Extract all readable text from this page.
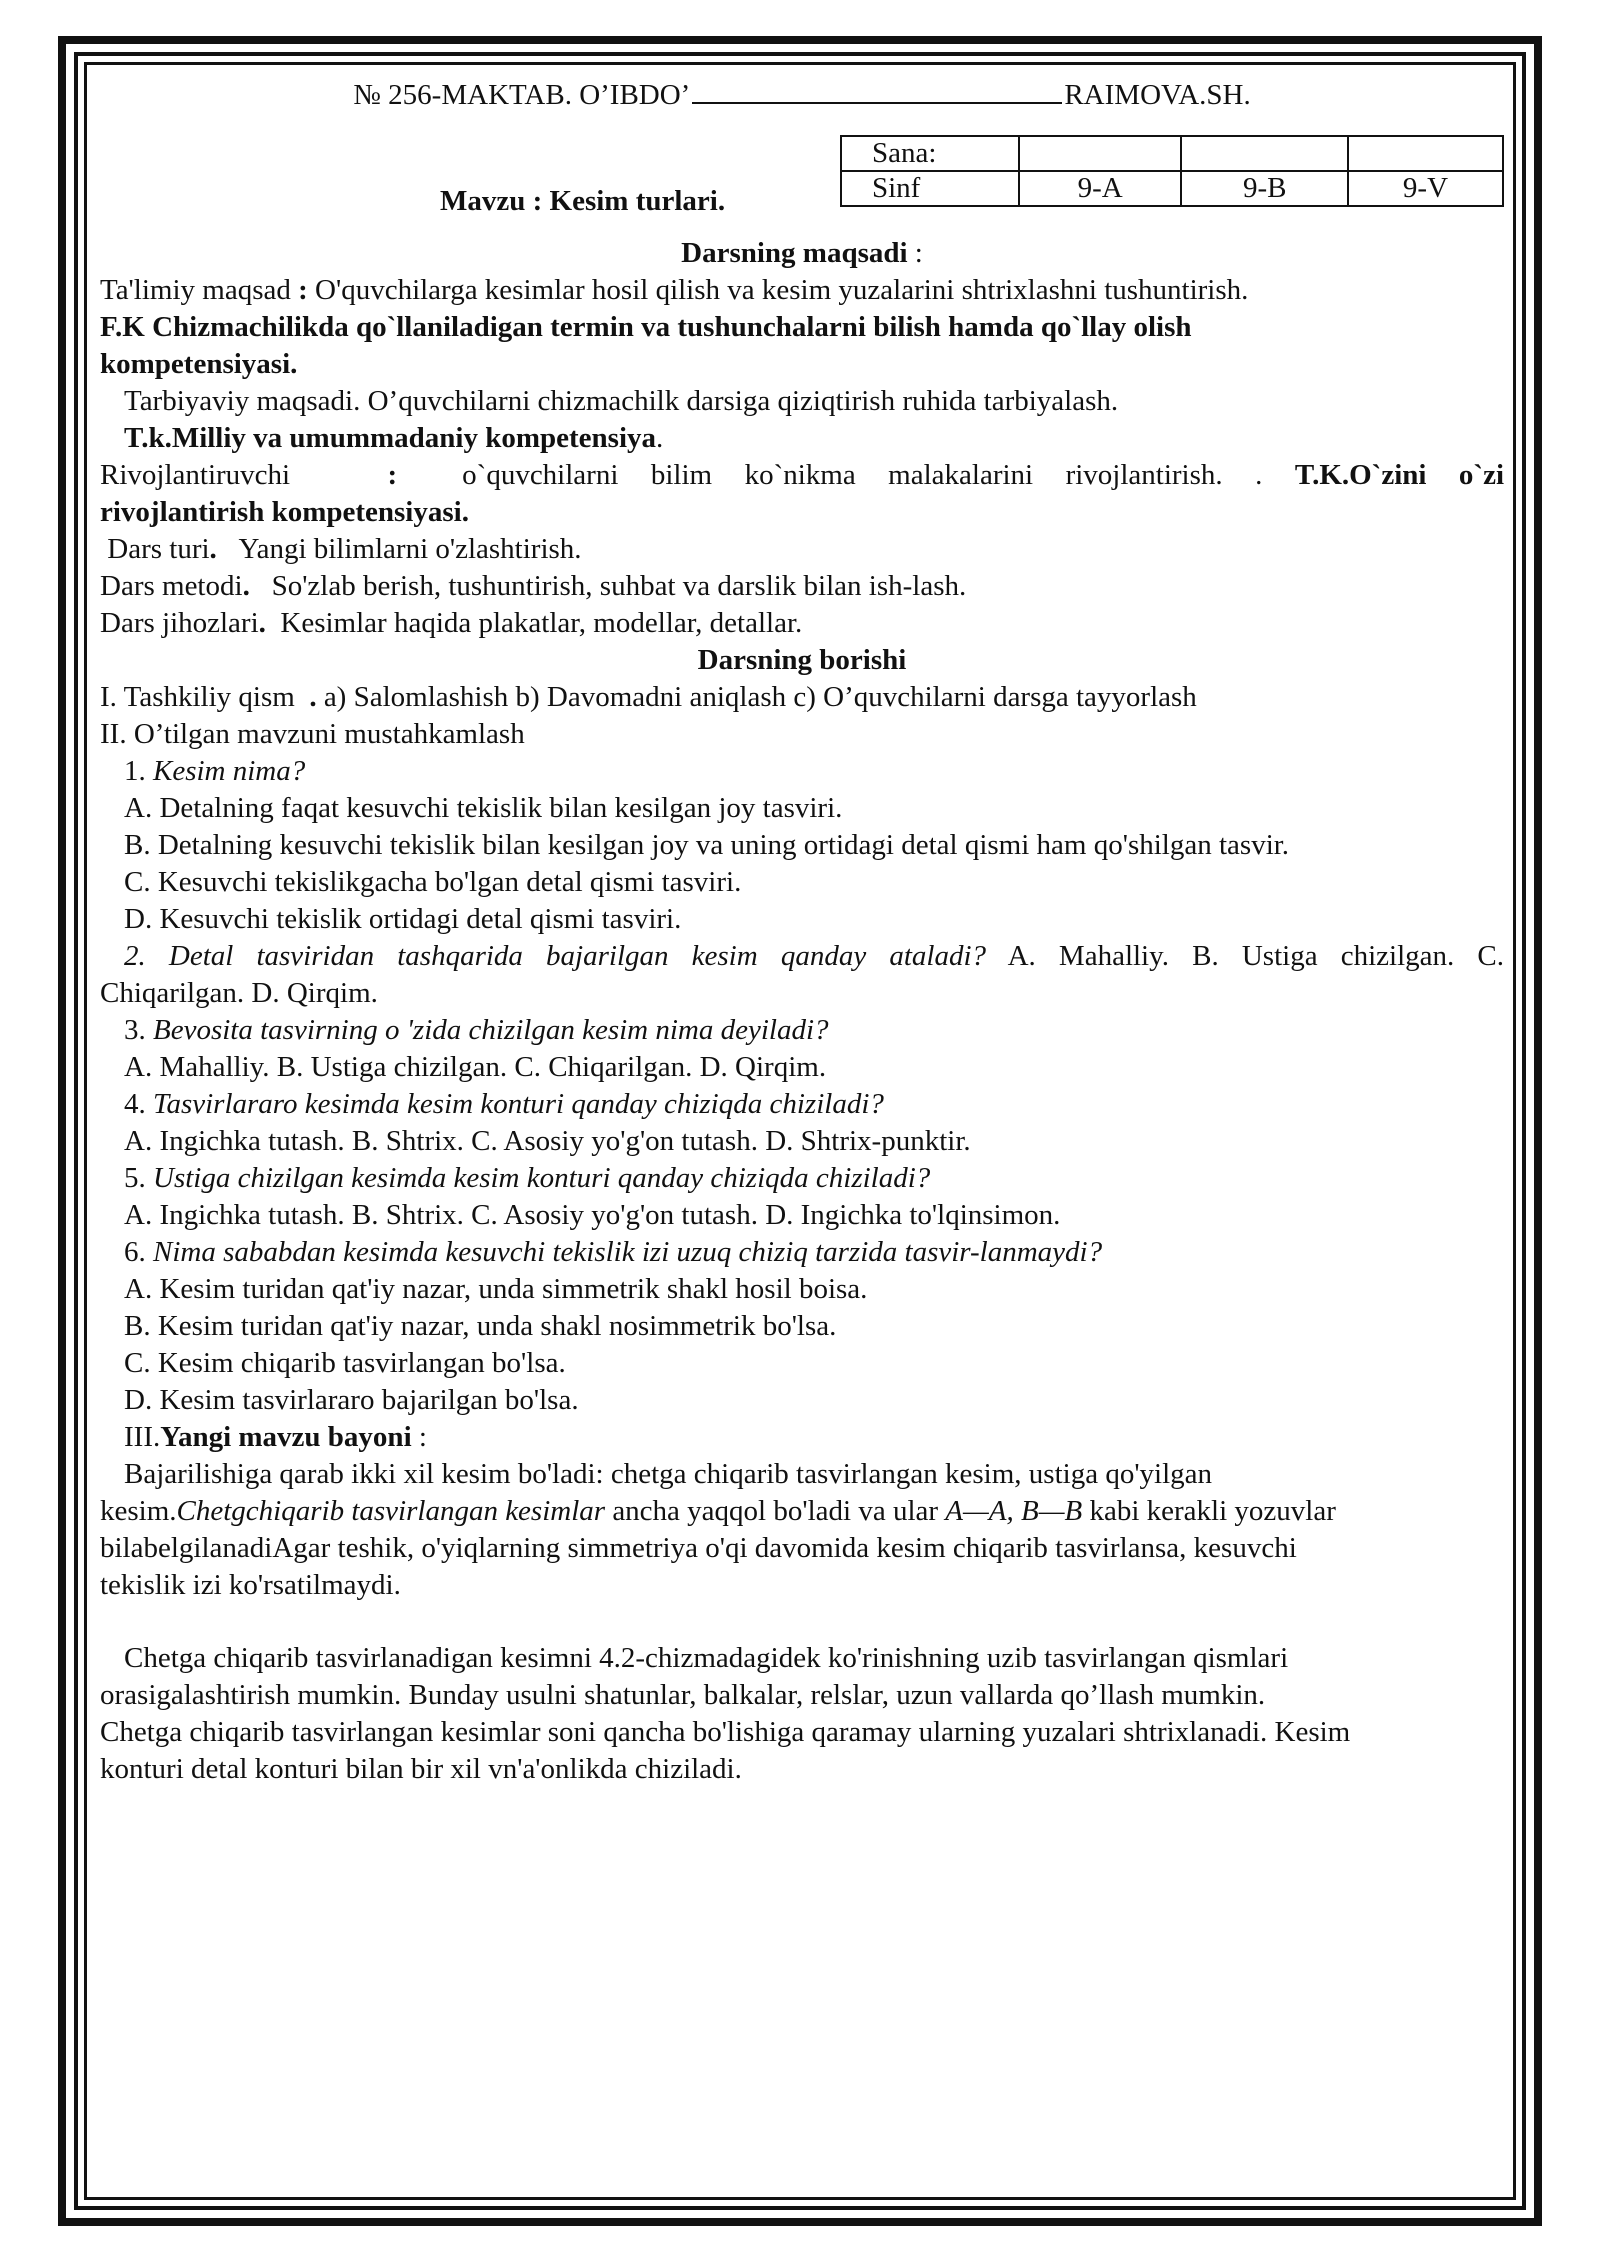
№ 256-MAKTAB. O’IBDO’	RAIMOVA.SH.
Mavzu : Kesim turlari.
Sana:			
Sinf	9-A	9-B	9-V

Darsning maqsadi :

Ta'limiy maqsad : O'quvchilarga kesimlar hosil qilish va kesim yuzalarini shtrixlashni tushuntirish.

F.K Chizmachilikda qo`llaniladigan termin va tushunchalarni bilish hamda qo`llay olish

kompetensiyasi.

Tarbiyaviy maqsadi. O’quvchilarni chizmachilk darsiga qiziqtirish ruhida tarbiyalash.

T.k.Milliy va umummadaniy kompetensiya.

Rivojlantiruvchi	: o`quvchilarni bilim ko`nikma malakalarini rivojlantirish. . T.K.O`zini o`zi

rivojlantirish kompetensiyasi.

Dars turi. Yangi bilimlarni o'zlashtirish.

Dars metodi. So'zlab berish, tushuntirish, suhbat va darslik bilan ish-lash.

Dars jihozlari. Kesimlar haqida plakatlar, modellar, detallar.

Darsning borishi

I. Tashkiliy qism . a) Salomlashish b) Davomadni aniqlash c) O’quvchilarni darsga tayyorlash

II. O’tilgan mavzuni mustahkamlash

1. Kesim nima?

A. Detalning faqat kesuvchi tekislik bilan kesilgan joy tasviri.

B. Detalning kesuvchi tekislik bilan kesilgan joy va uning ortidagi detal qismi ham qo'shilgan tasvir.

C. Kesuvchi tekislikgacha bo'lgan detal qismi tasviri.

D. Kesuvchi tekislik ortidagi detal qismi tasviri.

2. Detal tasviridan tashqarida bajarilgan kesim qanday ataladi? A. Mahalliy. B. Ustiga chizilgan. C.

Chiqarilgan. D. Qirqim.

3. Bevosita tasvirning o 'zida chizilgan kesim nima deyiladi?

A. Mahalliy. B. Ustiga chizilgan. C. Chiqarilgan. D. Qirqim.

4. Tasvirlararo kesimda kesim konturi qanday chiziqda chiziladi?

A. Ingichka tutash. B. Shtrix. C. Asosiy yo'g'on tutash. D. Shtrix-punktir.

5. Ustiga chizilgan kesimda kesim konturi qanday chiziqda chiziladi?

A. Ingichka tutash. B. Shtrix. C. Asosiy yo'g'on tutash. D. Ingichka to'lqinsimon.

6. Nima sababdan kesimda kesuvchi tekislik izi uzuq chiziq tarzida tasvir-lanmaydi?

A. Kesim turidan qat'iy nazar, unda simmetrik shakl hosil boisa.

B. Kesim turidan qat'iy nazar, unda shakl nosimmetrik bo'lsa.

C. Kesim chiqarib tasvirlangan bo'lsa.

D. Kesim tasvirlararo bajarilgan bo'lsa.

III.Yangi mavzu bayoni :

Bajarilishiga qarab ikki xil kesim bo'ladi: chetga chiqarib tasvirlangan kesim, ustiga qo'yilgan

kesim.Chetgchiqarib tasvirlangan kesimlar ancha yaqqol bo'ladi va ular A—A, B—B kabi kerakli yozuvlar

bilabelgilanadiAgar teshik, o'yiqlarning simmetriya o'qi davomida kesim chiqarib tasvirlansa, kesuvchi

tekislik izi ko'rsatilmaydi.

Chetga chiqarib tasvirlanadigan kesimni 4.2-chizmadagidek ko'rinishning uzib tasvirlangan qismlari

orasigalashtirish mumkin. Bunday usulni shatunlar, balkalar, relslar, uzun vallarda qo’llash mumkin.

Chetga chiqarib tasvirlangan kesimlar soni qancha bo'lishiga qaramay ularning yuzalari shtrixlanadi. Kesim

konturi detal konturi bilan bir xil vn'a'onlikda chiziladi.
